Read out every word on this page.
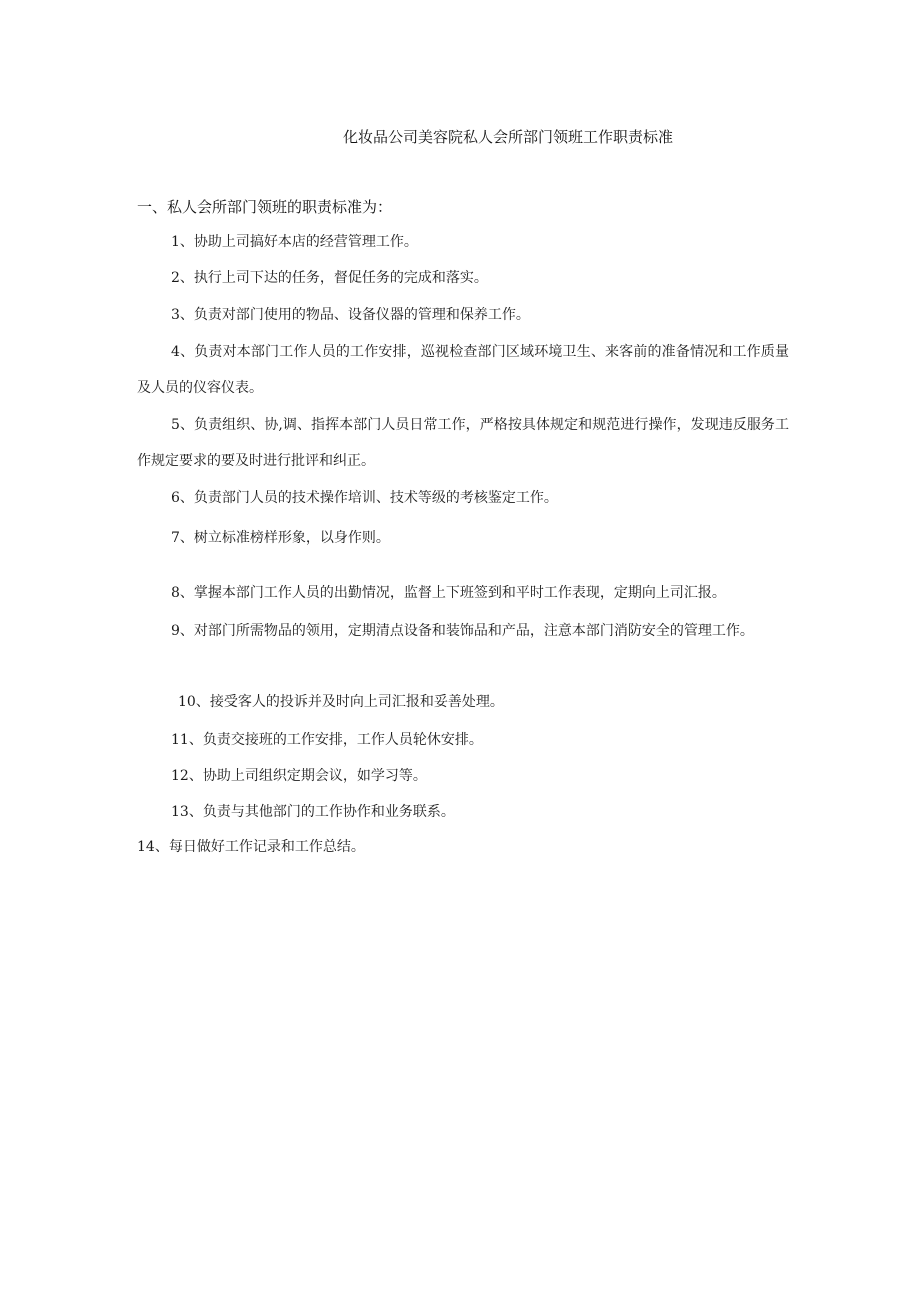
化妆品公司美容院私人会所部门领班工作职责标准
一、私人会所部门领班的职责标准为：
1、协助上司搞好本店的经营管理工作。
2、执行上司下达的任务，督促任务的完成和落实。
3、负责对部门使用的物品、设备仪器的管理和保养工作。
4、负责对本部门工作人员的工作安排，巡视检查部门区域环境卫生、来客前的准备情况和工作质量及人员的仪容仪表。
5、负责组织、协,调、指挥本部门人员日常工作，严格按具体规定和规范进行操作，发现违反服务工作规定要求的要及时进行批评和纠正。
6、负责部门人员的技术操作培训、技术等级的考核鉴定工作。
7、树立标准榜样形象，以身作则。
8、掌握本部门工作人员的出勤情况，监督上下班签到和平时工作表现，定期向上司汇报。
9、对部门所需物品的领用，定期清点设备和装饰品和产品，注意本部门消防安全的管理工作。
10、接受客人的投诉并及时向上司汇报和妥善处理。
11、负责交接班的工作安排，工作人员轮休安排。
12、协助上司组织定期会议，如学习等。
13、负责与其他部门的工作协作和业务联系。
14、每日做好工作记录和工作总结。
